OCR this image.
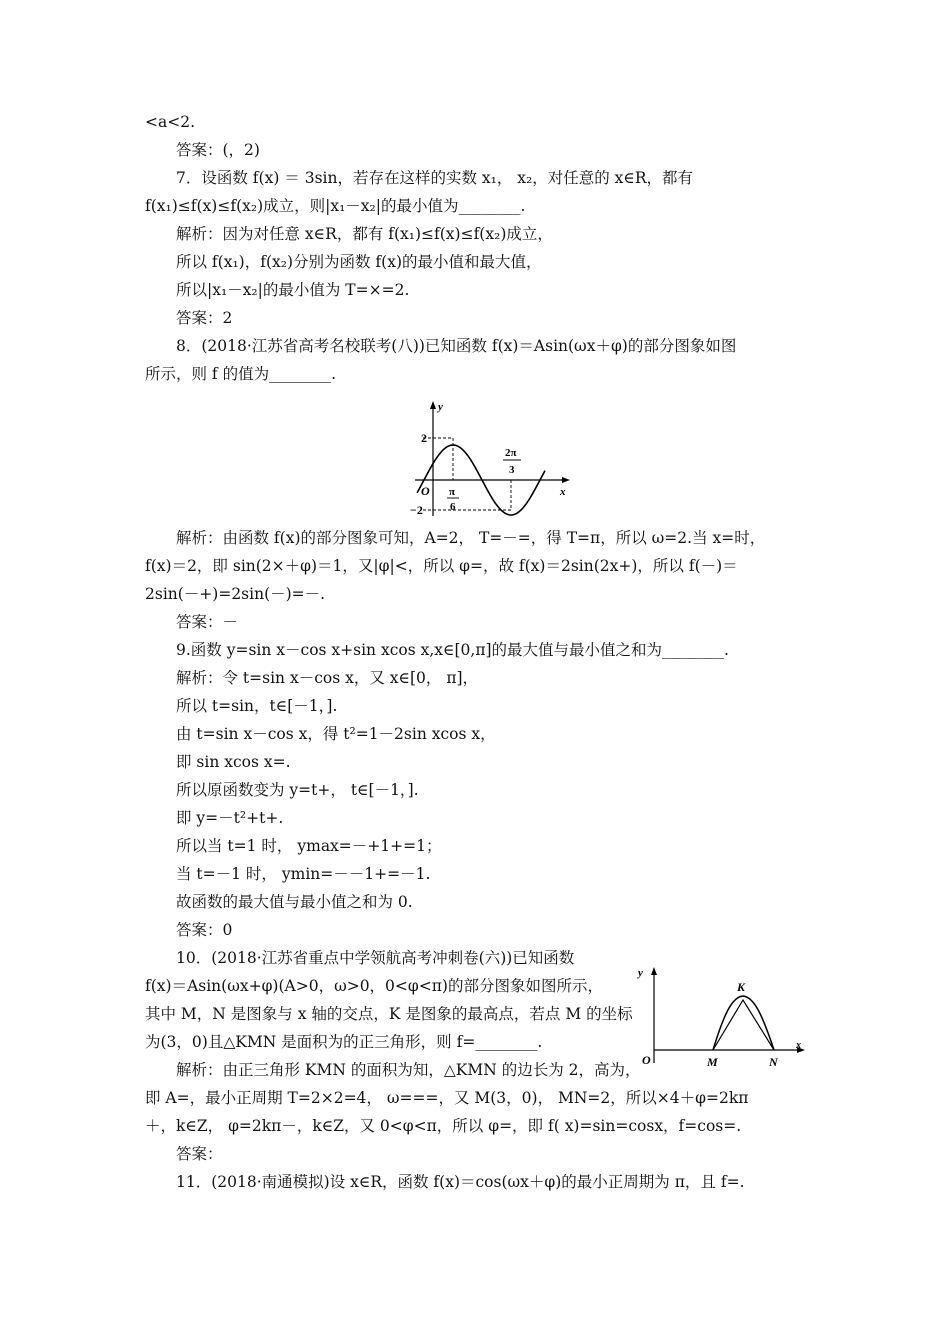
<a<2.
答案：(，2)
7．设函数 f(x) ＝ 3sin，若存在这样的实数 x₁， x₂，对任意的 x∈R，都有
f(x₁)≤f(x)≤f(x₂)成立，则|x₁－x₂|的最小值为________.
解析：因为对任意 x∈R，都有 f(x₁)≤f(x)≤f(x₂)成立，
所以 f(x₁)，f(x₂)分别为函数 f(x)的最小值和最大值，
所以|x₁－x₂|的最小值为 T=×=2.
答案：2
8．(2018·江苏省高考名校联考(八))已知函数 f(x)＝Asin(ωx＋φ)的部分图象如图
所示，则 f 的值为________.
解析：由函数 f(x)的部分图象可知，A=2， T=－=，得 T=π，所以 ω=2.当 x=时，
f(x)＝2，即 sin(2×＋φ)＝1，又|φ|<，所以 φ=，故 f(x)＝2sin(2x+)，所以 f(－)＝
2sin(－+)=2sin(－)=－.
答案：－
9.函数 y=sin x－cos x+sin xcos x,x∈[0,π]的最大值与最小值之和为________.
解析：令 t=sin x－cos x，又 x∈[0， π]，
所以 t=sin，t∈[－1，].
由 t=sin x－cos x，得 t²=1－2sin xcos x，
即 sin xcos x=.
所以原函数变为 y=t+， t∈[－1，].
即 y=－t²+t+.
所以当 t=1 时， ymax=－+1+=1；
当 t=－1 时， ymin=－－1+=－1.
故函数的最大值与最小值之和为 0.
答案：0
10．(2018·江苏省重点中学领航高考冲刺卷(六))已知函数
f(x)＝Asin(ωx+φ)(A>0，ω>0，0<φ<π)的部分图象如图所示，
其中 M，N 是图象与 x 轴的交点，K 是图象的最高点，若点 M 的坐标
为(3，0)且△KMN 是面积为的正三角形，则 f=________.
解析：由正三角形 KMN 的面积为知，△KMN 的边长为 2，高为，
即 A=，最小正周期 T=2×2=4， ω===，又 M(3，0)， MN=2，所以×4＋φ=2kπ
＋，k∈Z， φ=2kπ－，k∈Z，又 0<φ<π，所以 φ=，即 f( x)=sin=cosx，f=cos=.
答案：
11．(2018·南通模拟)设 x∈R，函数 f(x)＝cos(ωx＋φ)的最小正周期为 π，且 f=.
y
x
O
2
−2
π
6
2π
3
y
x
O
K
M	N
